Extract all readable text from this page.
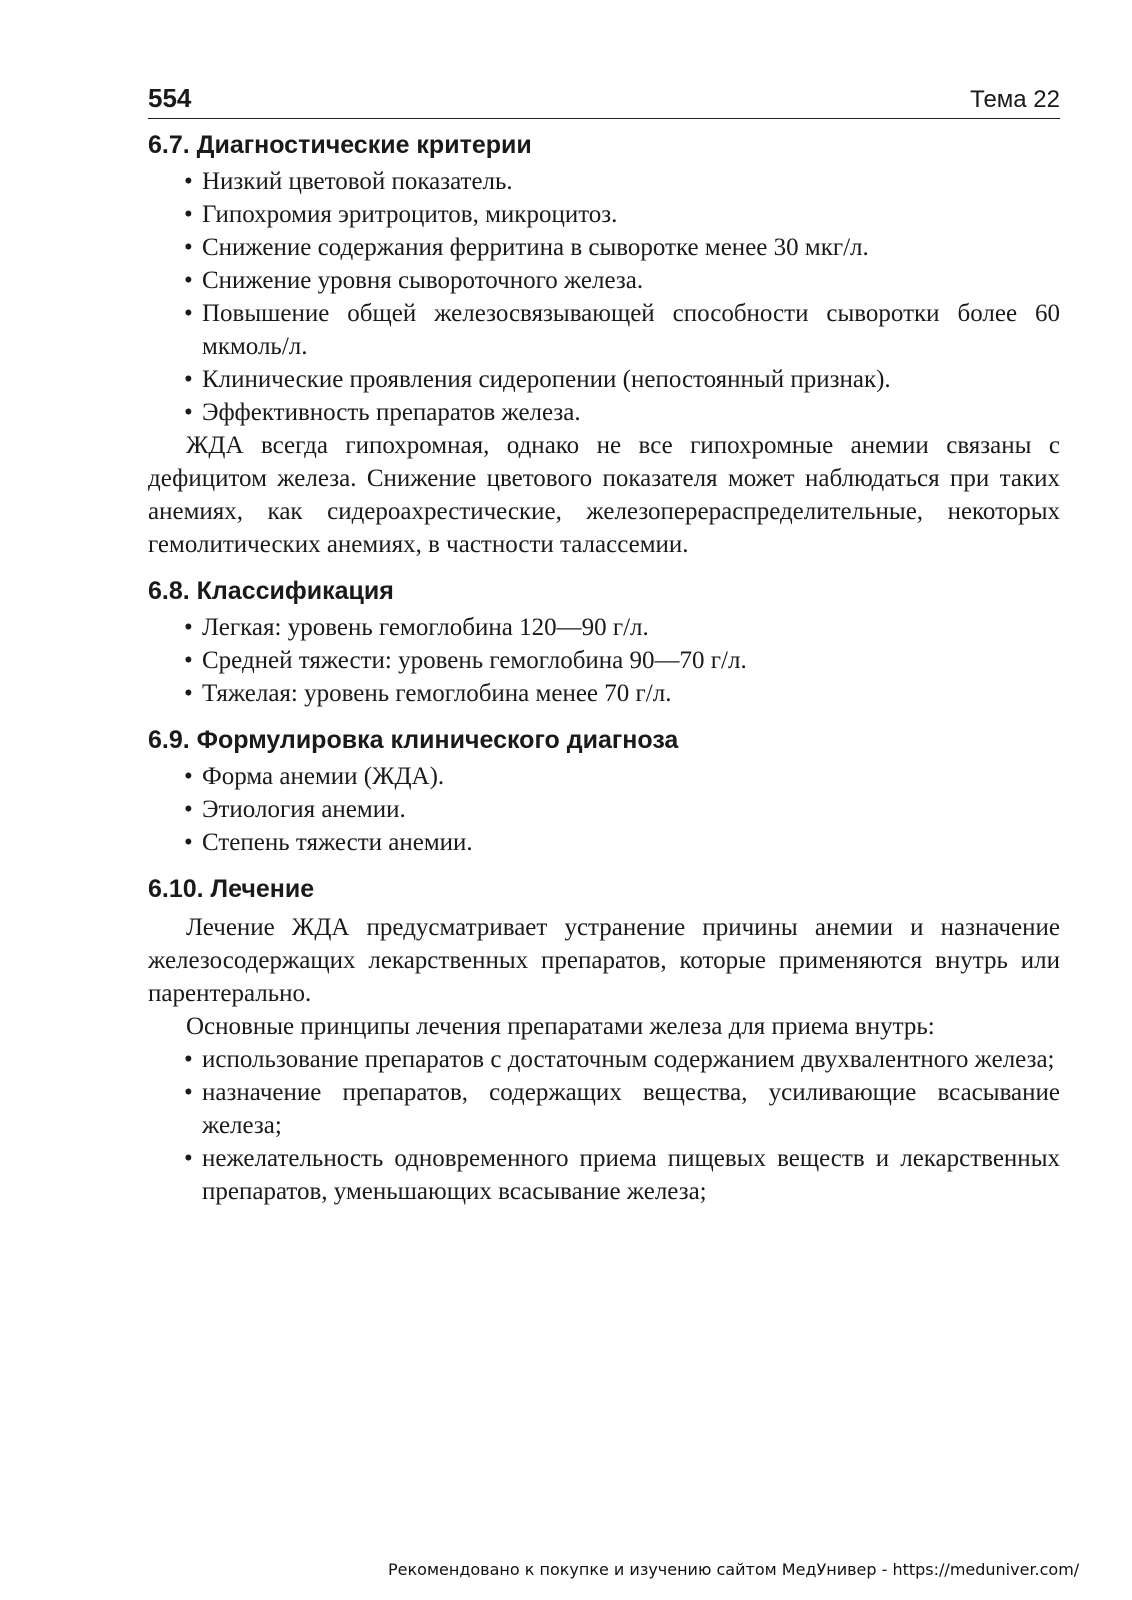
554	Тема 22
6.7. Диагностические критерии
• Низкий цветовой показатель.
• Гипохромия эритроцитов, микроцитоз.
• Снижение содержания ферритина в сыворотке менее 30 мкг/л.
• Снижение уровня сывороточного железа.
• Повышение общей железосвязывающей способности сыворотки более 60 мкмоль/л.
• Клинические проявления сидеропении (непостоянный признак).
• Эффективность препаратов железа.

ЖДА всегда гипохромная, однако не все гипохромные анемии связаны с дефицитом железа. Снижение цветового показателя может наблюдаться при таких анемиях, как сидероахрестические, железоперераспределительные, некоторых гемолитических анемиях, в частности талассемии.

6.8. Классификация
• Легкая: уровень гемоглобина 120—90 г/л.
• Средней тяжести: уровень гемоглобина 90—70 г/л.
• Тяжелая: уровень гемоглобина менее 70 г/л.
6.9. Формулировка клинического диагноза
• Форма анемии (ЖДА).
• Этиология анемии.
• Степень тяжести анемии.
6.10. Лечение

Лечение ЖДА предусматривает устранение причины анемии и назначение железосодержащих лекарственных препаратов, которые применяются внутрь или парентерально.

Основные принципы лечения препаратами железа для приема внутрь:

• использование препаратов с достаточным содержанием двухвалентного железа;
• назначение препаратов, содержащих вещества, усиливающие всасывание железа;
• нежелательность одновременного приема пищевых веществ и лекарственных препаратов, уменьшающих всасывание железа;
Рекомендовано к покупке и изучению сайтом МедУнивер - https://meduniver.com/
